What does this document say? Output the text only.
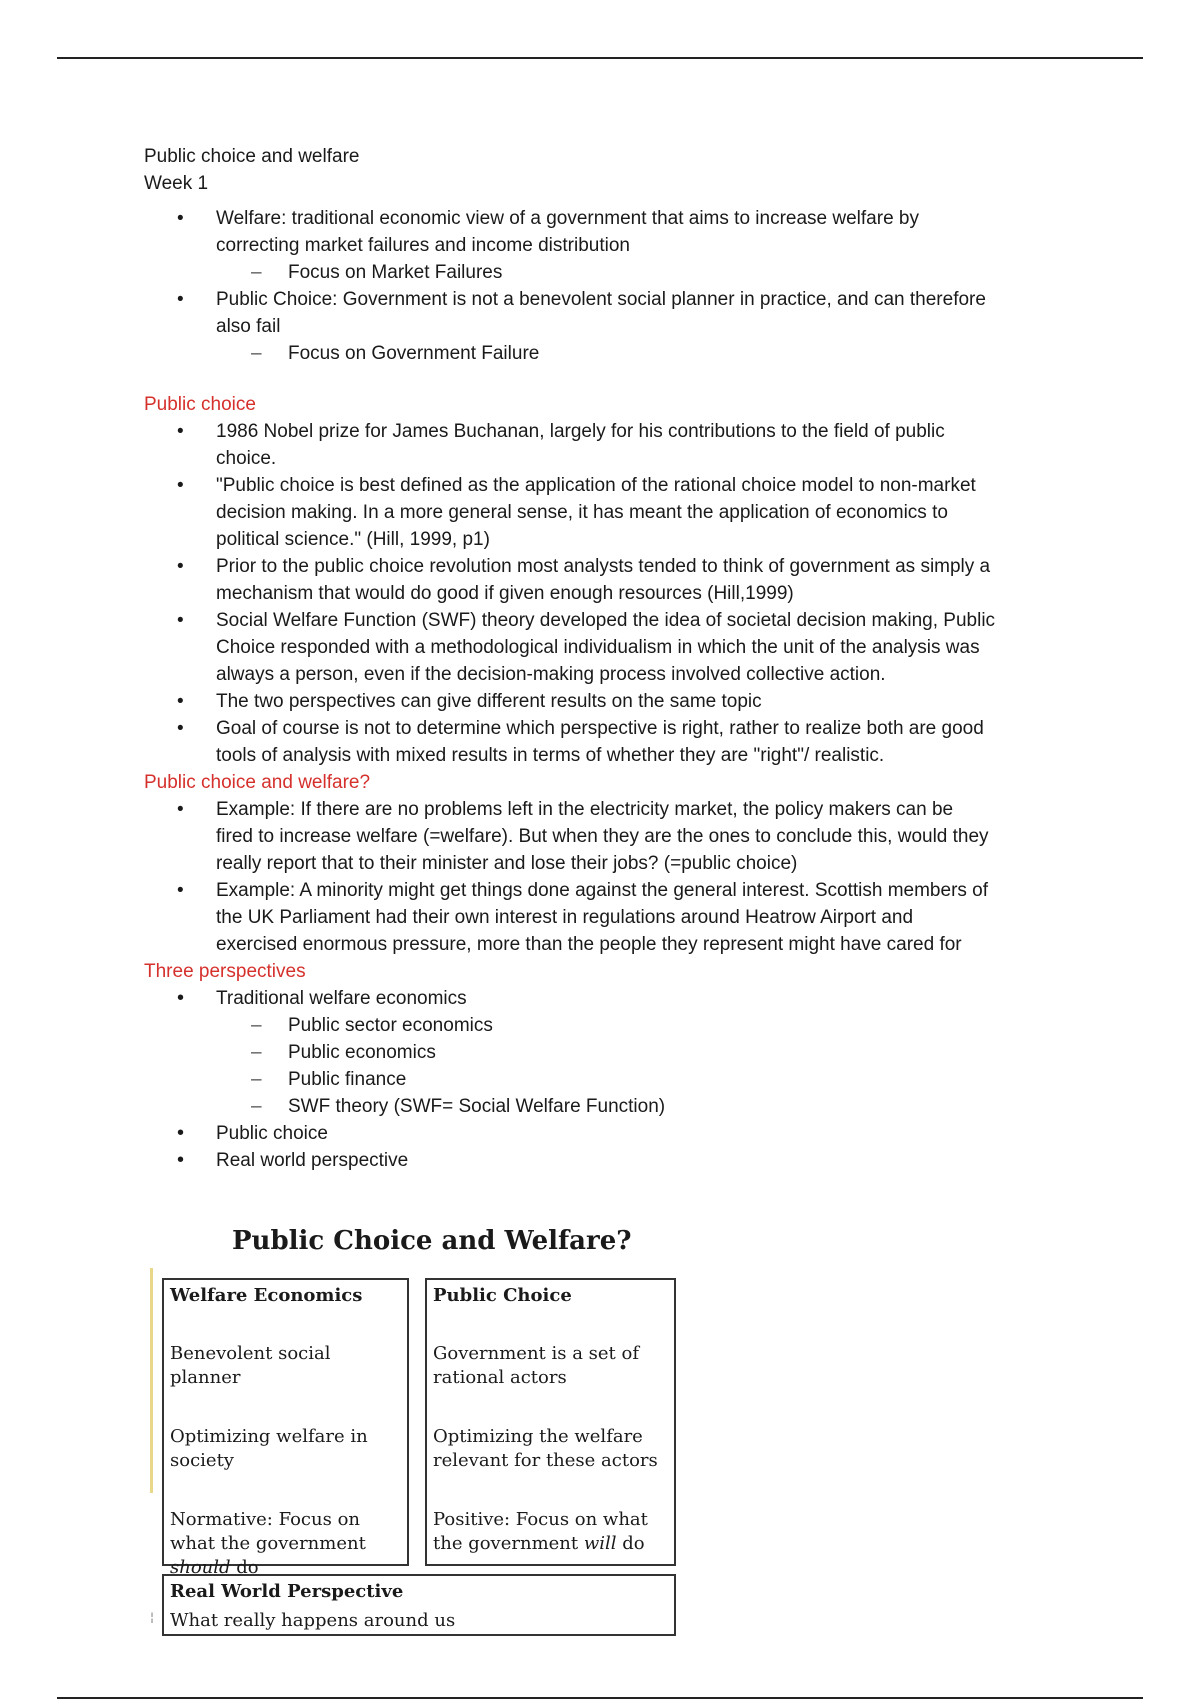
Public choice and welfare
Week 1
• Welfare: traditional economic view of a government that aims to increase welfare by
correcting market failures and income distribution
– Focus on Market Failures
• Public Choice: Government is not a benevolent social planner in practice, and can therefore
also fail
– Focus on Government Failure
Public choice
• 1986 Nobel prize for James Buchanan, largely for his contributions to the field of public
choice.
• "Public choice is best defined as the application of the rational choice model to non-market
decision making. In a more general sense, it has meant the application of economics to
political science." (Hill, 1999, p1)
• Prior to the public choice revolution most analysts tended to think of government as simply a
mechanism that would do good if given enough resources (Hill,1999)
• Social Welfare Function (SWF) theory developed the idea of societal decision making, Public
Choice responded with a methodological individualism in which the unit of the analysis was
always a person, even if the decision-making process involved collective action.
• The two perspectives can give different results on the same topic
• Goal of course is not to determine which perspective is right, rather to realize both are good
tools of analysis with mixed results in terms of whether they are "right"/ realistic.
Public choice and welfare?
• Example: If there are no problems left in the electricity market, the policy makers can be
fired to increase welfare (=welfare). But when they are the ones to conclude this, would they
really report that to their minister and lose their jobs? (=public choice)
• Example: A minority might get things done against the general interest. Scottish members of
the UK Parliament had their own interest in regulations around Heatrow Airport and
exercised enormous pressure, more than the people they represent might have cared for
Three perspectives
• Traditional welfare economics
– Public sector economics
– Public economics
– Public finance
– SWF theory (SWF= Social Welfare Function)
• Public choice
• Real world perspective
Public Choice and Welfare?
Welfare Economics
Benevolent social planner
Optimizing welfare in society
Normative: Focus on what the government should do
Public Choice
Government is a set of rational actors
Optimizing the welfare relevant for these actors
Positive: Focus on what the government will do
Real World Perspective
What really happens around us
¦
